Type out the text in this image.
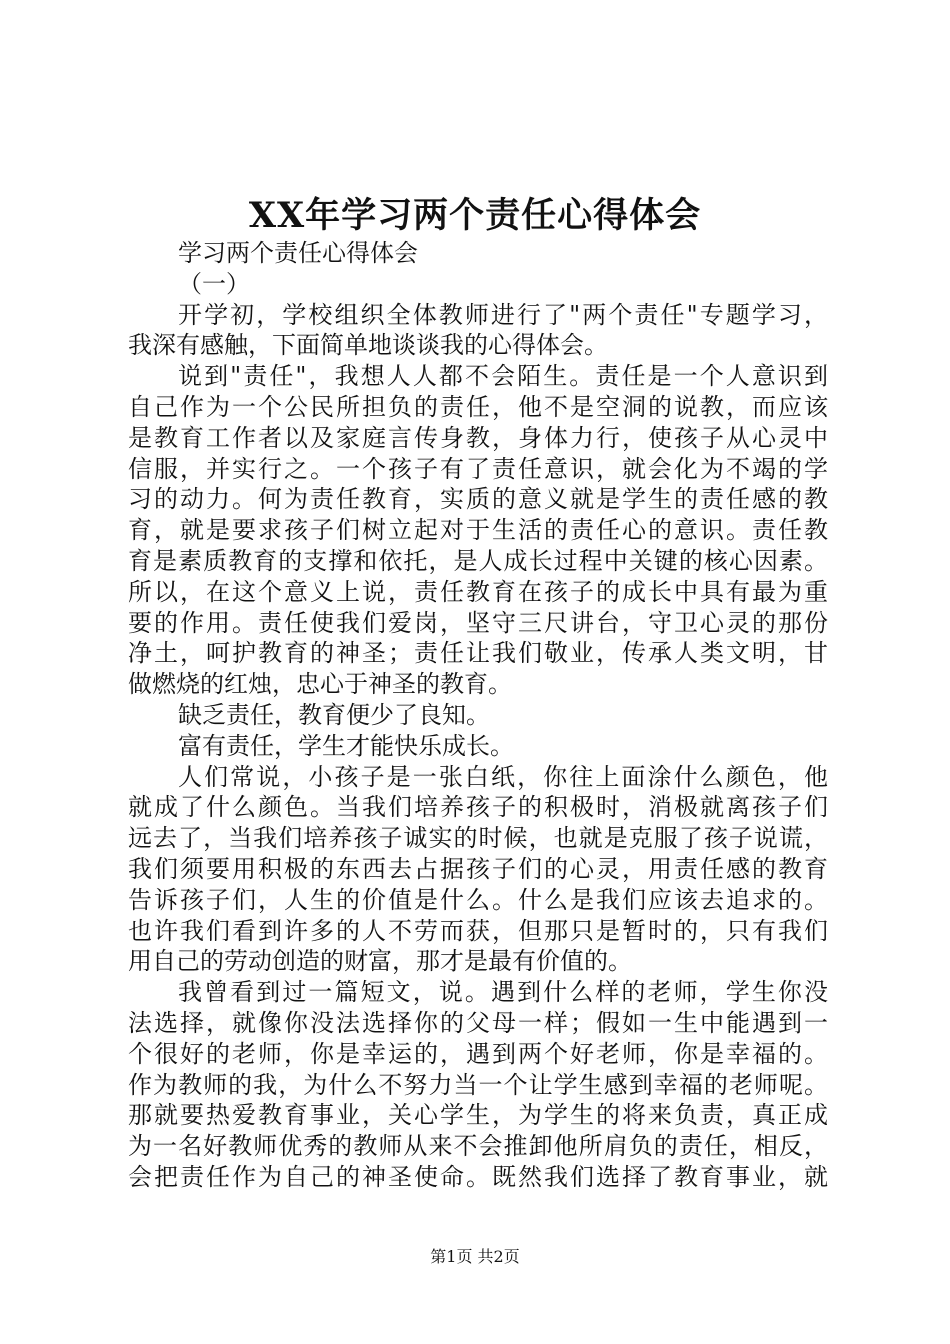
XX年学习两个责任心得体会
学习两个责任心得体会
（一）
开学初，学校组织全体教师进行了"两个责任"专题学习，
我深有感触，下面简单地谈谈我的心得体会。
说到"责任"，我想人人都不会陌生。责任是一个人意识到
自己作为一个公民所担负的责任，他不是空洞的说教，而应该
是教育工作者以及家庭言传身教，身体力行，使孩子从心灵中
信服，并实行之。一个孩子有了责任意识，就会化为不竭的学
习的动力。何为责任教育，实质的意义就是学生的责任感的教
育，就是要求孩子们树立起对于生活的责任心的意识。责任教
育是素质教育的支撑和依托，是人成长过程中关键的核心因素。
所以，在这个意义上说，责任教育在孩子的成长中具有最为重
要的作用。责任使我们爱岗，坚守三尺讲台，守卫心灵的那份
净土，呵护教育的神圣；责任让我们敬业，传承人类文明，甘
做燃烧的红烛，忠心于神圣的教育。
缺乏责任，教育便少了良知。
富有责任，学生才能快乐成长。
人们常说，小孩子是一张白纸，你往上面涂什么颜色，他
就成了什么颜色。当我们培养孩子的积极时，消极就离孩子们
远去了，当我们培养孩子诚实的时候，也就是克服了孩子说谎，
我们须要用积极的东西去占据孩子们的心灵，用责任感的教育
告诉孩子们，人生的价值是什么。什么是我们应该去追求的。
也许我们看到许多的人不劳而获，但那只是暂时的，只有我们
用自己的劳动创造的财富，那才是最有价值的。
我曾看到过一篇短文，说。遇到什么样的老师，学生你没
法选择，就像你没法选择你的父母一样；假如一生中能遇到一
个很好的老师，你是幸运的，遇到两个好老师，你是幸福的。
作为教师的我，为什么不努力当一个让学生感到幸福的老师呢。
那就要热爱教育事业，关心学生，为学生的将来负责，真正成
为一名好教师优秀的教师从来不会推卸他所肩负的责任，相反，
会把责任作为自己的神圣使命。既然我们选择了教育事业，就
第1页 共2页
